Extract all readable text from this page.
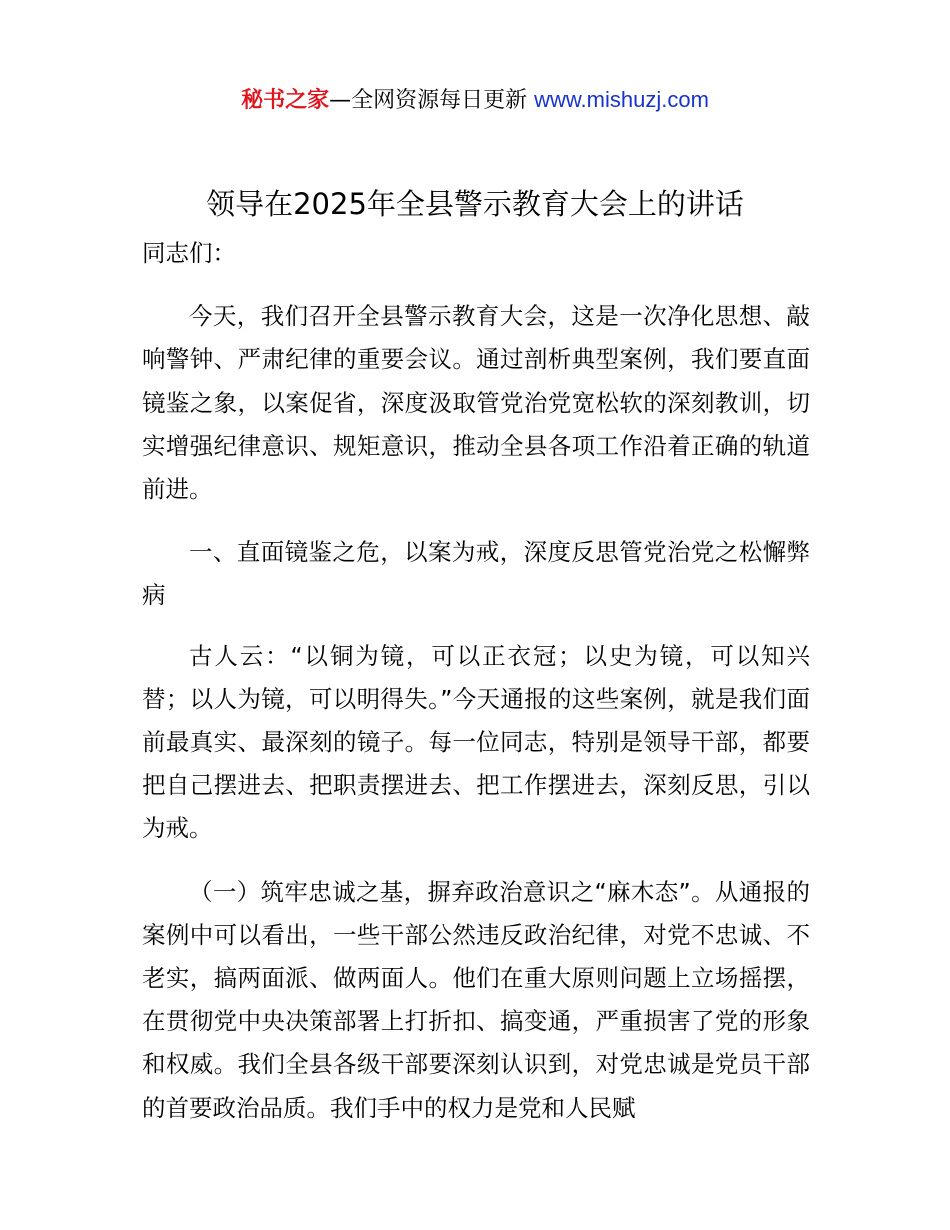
秘书之家—全网资源每日更新 www.mishuzj.com
领导在2025年全县警示教育大会上的讲话

同志们：

今天，我们召开全县警示教育大会，这是一次净化思想、敲响警钟、严肃纪律的重要会议。通过剖析典型案例，我们要直面镜鉴之象，以案促省，深度汲取管党治党宽松软的深刻教训，切实增强纪律意识、规矩意识，推动全县各项工作沿着正确的轨道前进。

一、直面镜鉴之危，以案为戒，深度反思管党治党之松懈弊病

古人云：“以铜为镜，可以正衣冠；以史为镜，可以知兴替；以人为镜，可以明得失。”今天通报的这些案例，就是我们面前最真实、最深刻的镜子。每一位同志，特别是领导干部，都要把自己摆进去、把职责摆进去、把工作摆进去，深刻反思，引以为戒。

（一）筑牢忠诚之基，摒弃政治意识之“麻木态”。从通报的案例中可以看出，一些干部公然违反政治纪律，对党不忠诚、不老实，搞两面派、做两面人。他们在重大原则问题上立场摇摆，在贯彻党中央决策部署上打折扣、搞变通，严重损害了党的形象和权威。我们全县各级干部要深刻认识到，对党忠诚是党员干部的首要政治品质。我们手中的权力是党和人民赋
